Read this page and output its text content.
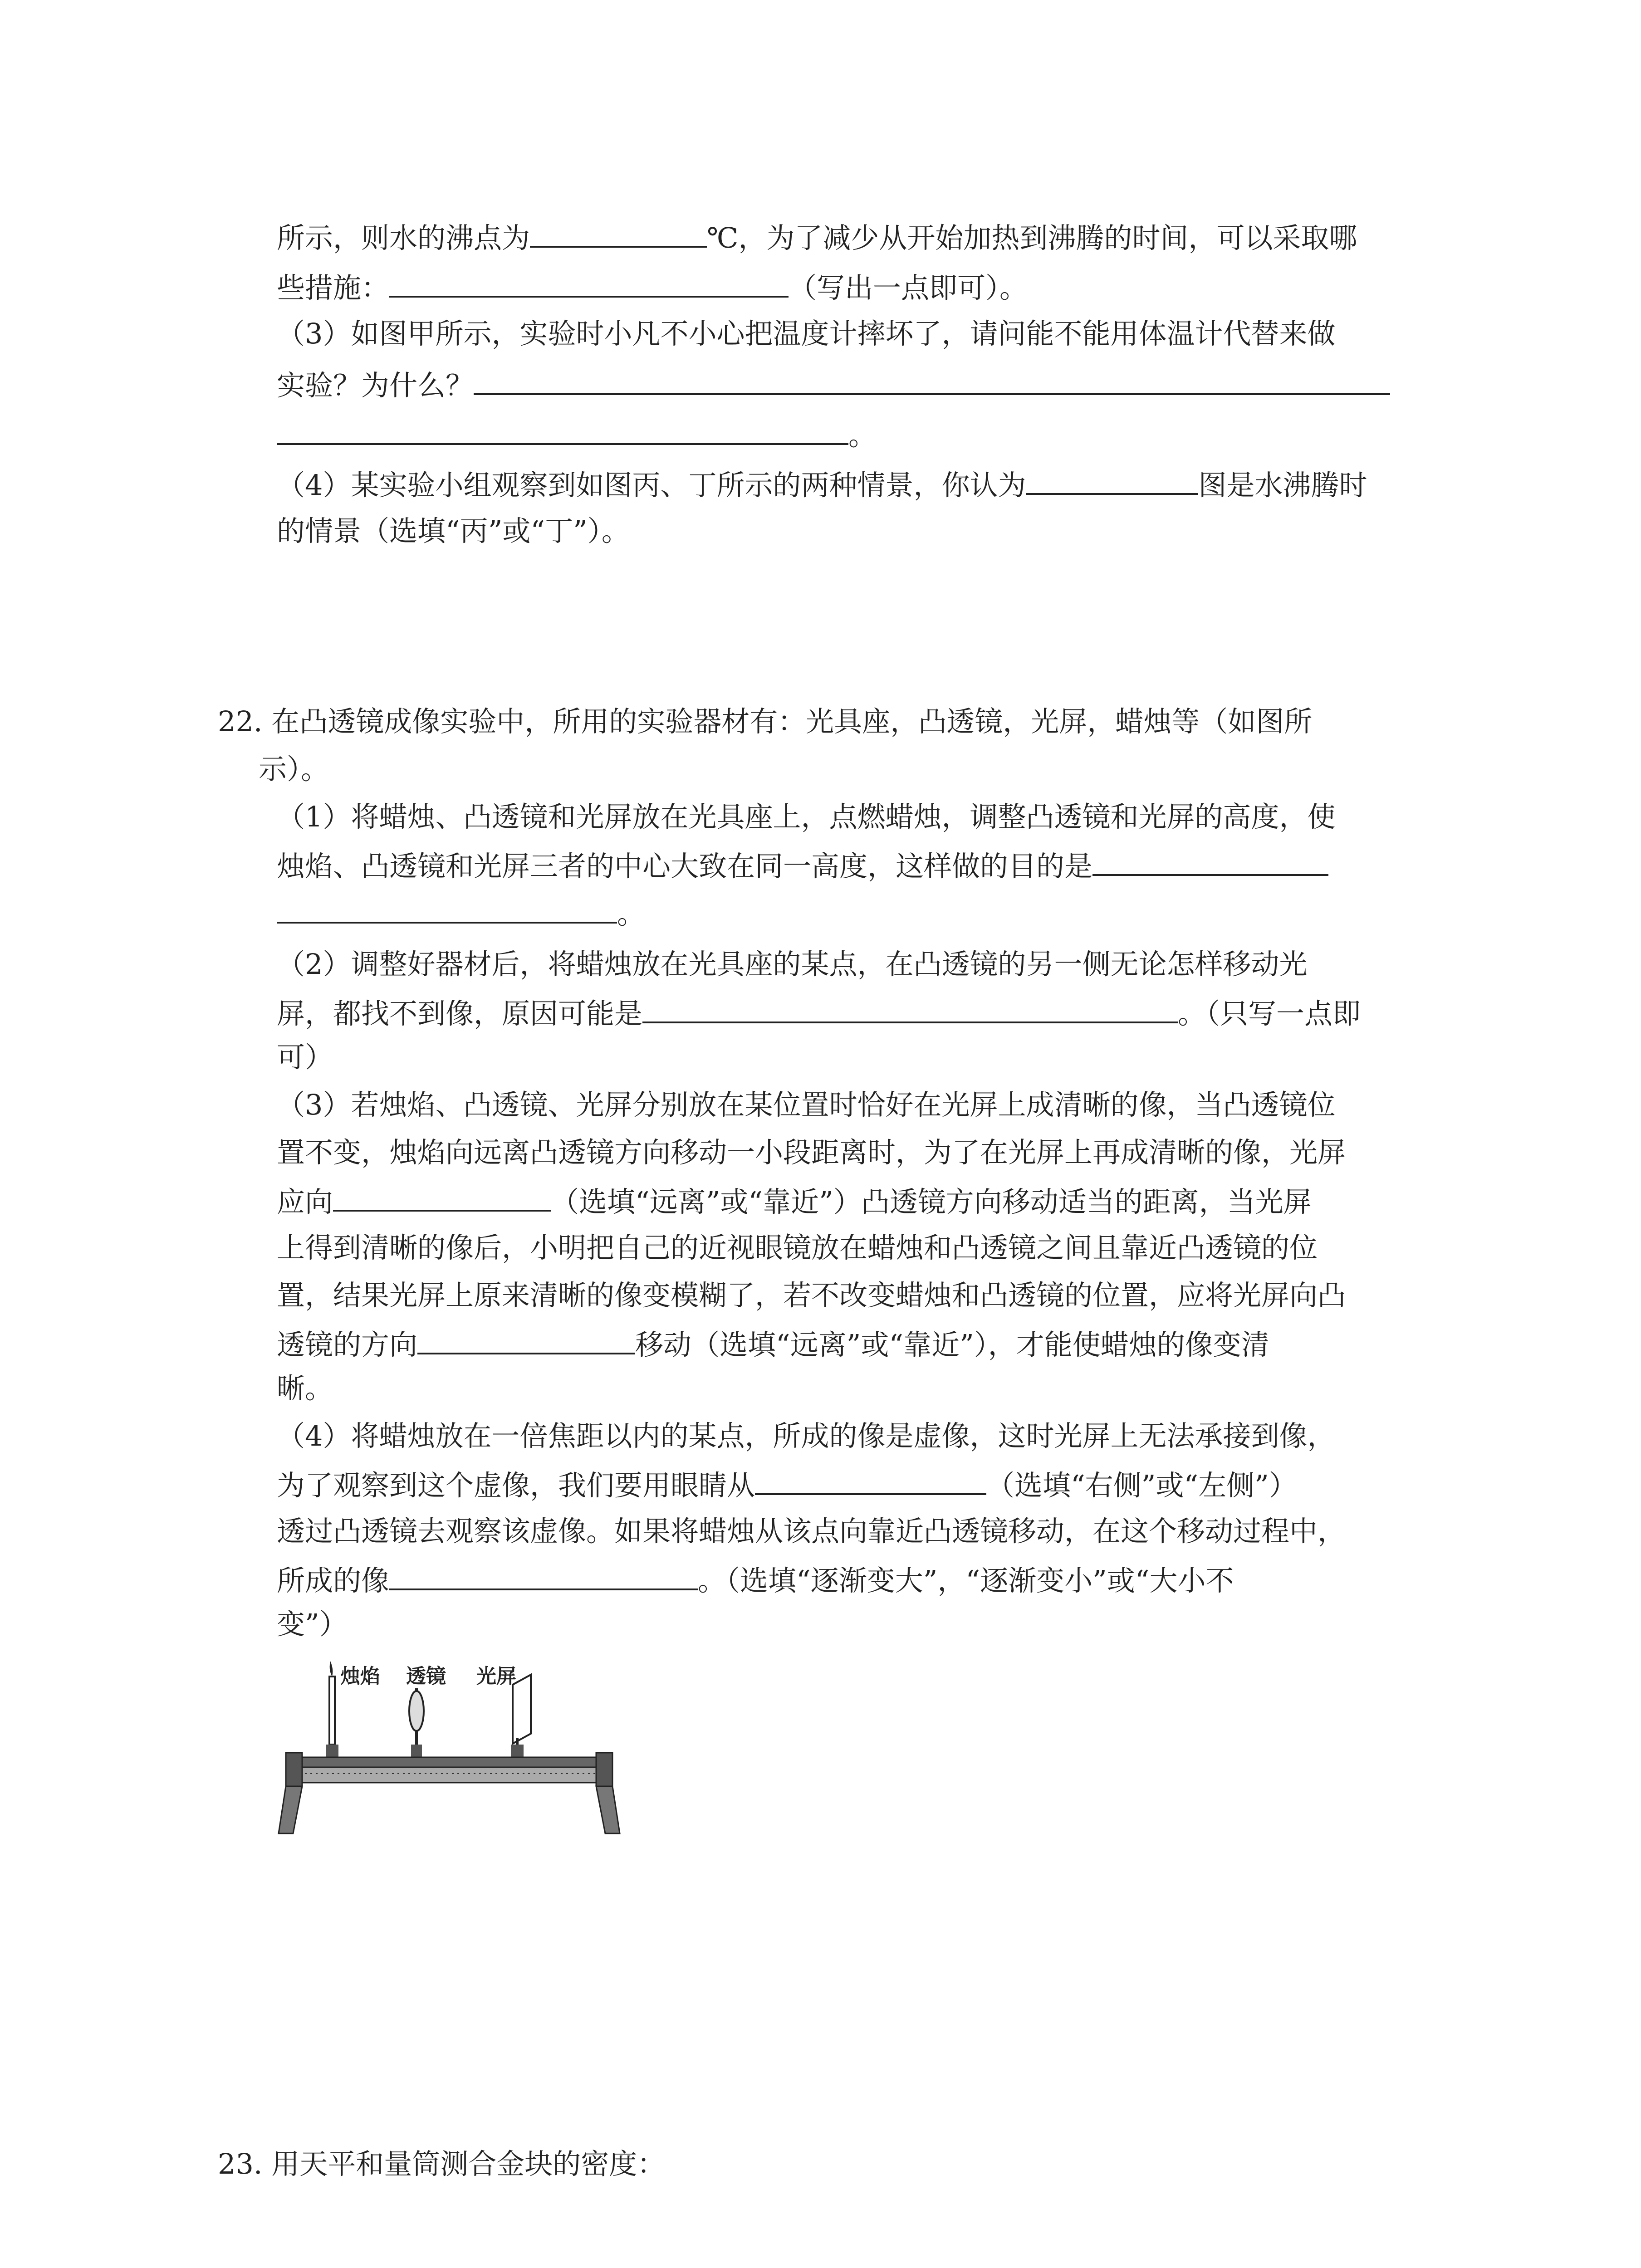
所示，则水的沸点为	℃，为了减少从开始加热到沸腾的时间，可以采取哪
些措施：	（写出一点即可）。
（3）如图甲所示，实验时小凡不小心把温度计摔坏了，请问能不能用体温计代替来做
实验？为什么？
。
（4）某实验小组观察到如图丙、丁所示的两种情景，你认为	图是水沸腾时
的情景（选填“丙”或“丁”）。
22. 在凸透镜成像实验中，所用的实验器材有：光具座，凸透镜，光屏，蜡烛等（如图所
示）。
（1）将蜡烛、凸透镜和光屏放在光具座上，点燃蜡烛，调整凸透镜和光屏的高度，使
烛焰、凸透镜和光屏三者的中心大致在同一高度，这样做的目的是
。
（2）调整好器材后，将蜡烛放在光具座的某点，在凸透镜的另一侧无论怎样移动光
屏，都找不到像，原因可能是	。（只写一点即
可）
（3）若烛焰、凸透镜、光屏分别放在某位置时恰好在光屏上成清晰的像，当凸透镜位
置不变，烛焰向远离凸透镜方向移动一小段距离时，为了在光屏上再成清晰的像，光屏
应向	（选填“远离”或“靠近”）凸透镜方向移动适当的距离，当光屏
上得到清晰的像后，小明把自己的近视眼镜放在蜡烛和凸透镜之间且靠近凸透镜的位
置，结果光屏上原来清晰的像变模糊了，若不改变蜡烛和凸透镜的位置，应将光屏向凸
透镜的方向	移动（选填“远离”或“靠近”），才能使蜡烛的像变清
晰。
（4）将蜡烛放在一倍焦距以内的某点，所成的像是虚像，这时光屏上无法承接到像，
为了观察到这个虚像，我们要用眼睛从	（选填“右侧”或“左侧”）
透过凸透镜去观察该虚像。如果将蜡烛从该点向靠近凸透镜移动，在这个移动过程中，
所成的像	。（选填“逐渐变大”，“逐渐变小”或“大小不
变”）
烛焰 透镜 光屏
23. 用天平和量筒测合金块的密度：
